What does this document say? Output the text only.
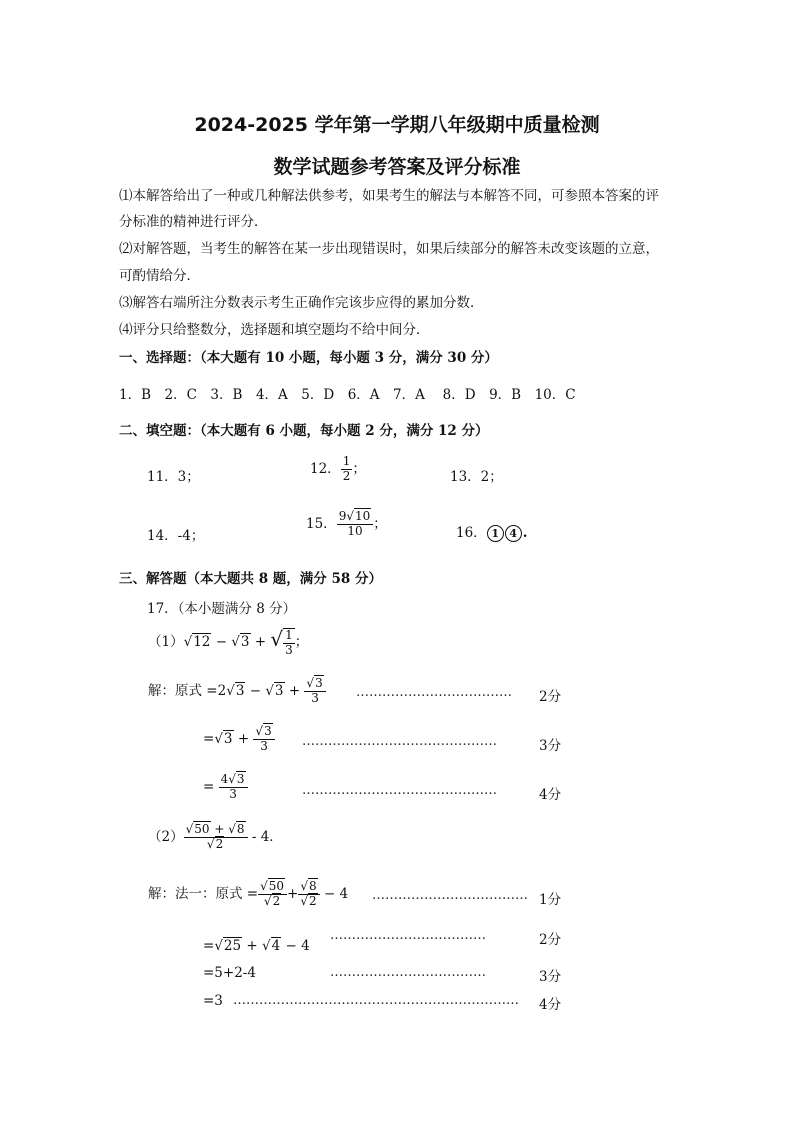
2024-2025 学年第一学期八年级期中质量检测
数学试题参考答案及评分标准
⑴本解答给出了一种或几种解法供参考，如果考生的解法与本解答不同，可参照本答案的评
分标准的精神进行评分．
⑵对解答题，当考生的解答在某一步出现错误时，如果后续部分的解答未改变该题的立意，
可酌情给分．
⑶解答右端所注分数表示考生正确作完该步应得的累加分数．
⑷评分只给整数分，选择题和填空题均不给中间分．
一、选择题：（本大题有 10 小题，每小题 3 分，满分 30 分）
1．B　2．C　3．B　4．A　5．D　6．A　7．A　 8．D　9．B　10．C
二、填空题：（本大题有 6 小题，每小题 2 分，满分 12 分）
11．3；
12． $\frac{1}{2}$ ；
13．2；
14．-4；
15． $\frac{9√10}{10}$ ；
16． 1 4 .
三、解答题（本大题共 8 题，满分 58 分）
17．（本小题满分 8 分）
（1）√12 − √3 + √ $\frac{1}{3}$ ；
解：原式 $=2√3 - √3 + \frac{√3}{3}$ ……………………………… 2分
$=√3 + \frac{√3}{3}$ ………………………………………	3分
= $\frac{4√3}{3}$	………………………………………	4分
$(2) \frac{√50 + √8}{√2} - 4$．
解：法一：原式 = $\frac{√50}{√2} + \frac{√8}{√2} - 4$ ……………………………… 1分
………………………………	2分
=√25 + √4 − 4
=5+2-4	………………………………	3分
=3 ………………………………………………………… 4分
